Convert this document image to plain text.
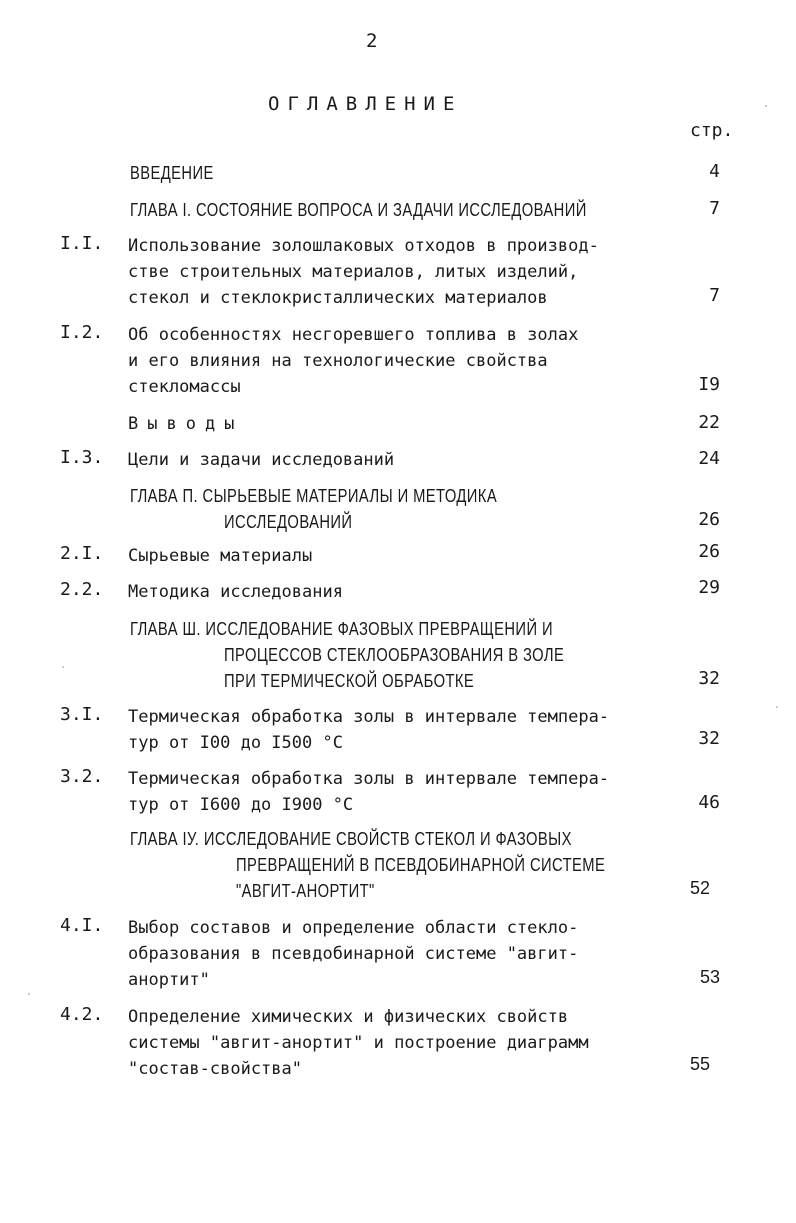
2
ОГЛАВЛЕНИЕ
стр.
ВВЕДЕНИЕ	4
ГЛАВА I. СОСТОЯНИЕ ВОПРОСА И ЗАДАЧИ ИССЛЕДОВАНИЙ	7
I.I. Использование золошлаковых отходов в производ-
стве строительных материалов, литых изделий,
стекол и стеклокристаллических материалов	7
I.2. Об особенностях несгоревшего топлива в золах
и его влияния на технологические свойства
стекломассы	I9
Выводы	22
I.3. Цели и задачи исследований	24
ГЛАВА П. СЫРЬЕВЫЕ МАТЕРИАЛЫ И МЕТОДИКА
ИССЛЕДОВАНИЙ	26
2.I. Сырьевые материалы	26
2.2. Методика исследования	29
ГЛАВА Ш. ИССЛЕДОВАНИЕ ФАЗОВЫХ ПРЕВРАЩЕНИЙ И
ПРОЦЕССОВ СТЕКЛООБРАЗОВАНИЯ В ЗОЛЕ
ПРИ ТЕРМИЧЕСКОЙ ОБРАБОТКЕ	32
3.I. Термическая обработка золы в интервале темпера-
тур от I00 до I500 °C	32
3.2. Термическая обработка золы в интервале темпера-
тур от I600 до I900 °C	46
ГЛАВА IУ. ИССЛЕДОВАНИЕ СВОЙСТВ СТЕКОЛ И ФАЗОВЫХ
ПРЕВРАЩЕНИЙ В ПСЕВДОБИНАРНОЙ СИСТЕМЕ
"АВГИТ-АНОРТИТ"	52
4.I. Выбор составов и определение области стекло-
образования в псевдобинарной системе "авгит-
анортит"	53
4.2. Определение химических и физических свойств
системы "авгит-анортит" и построение диаграмм
"состав-свойства"	55
